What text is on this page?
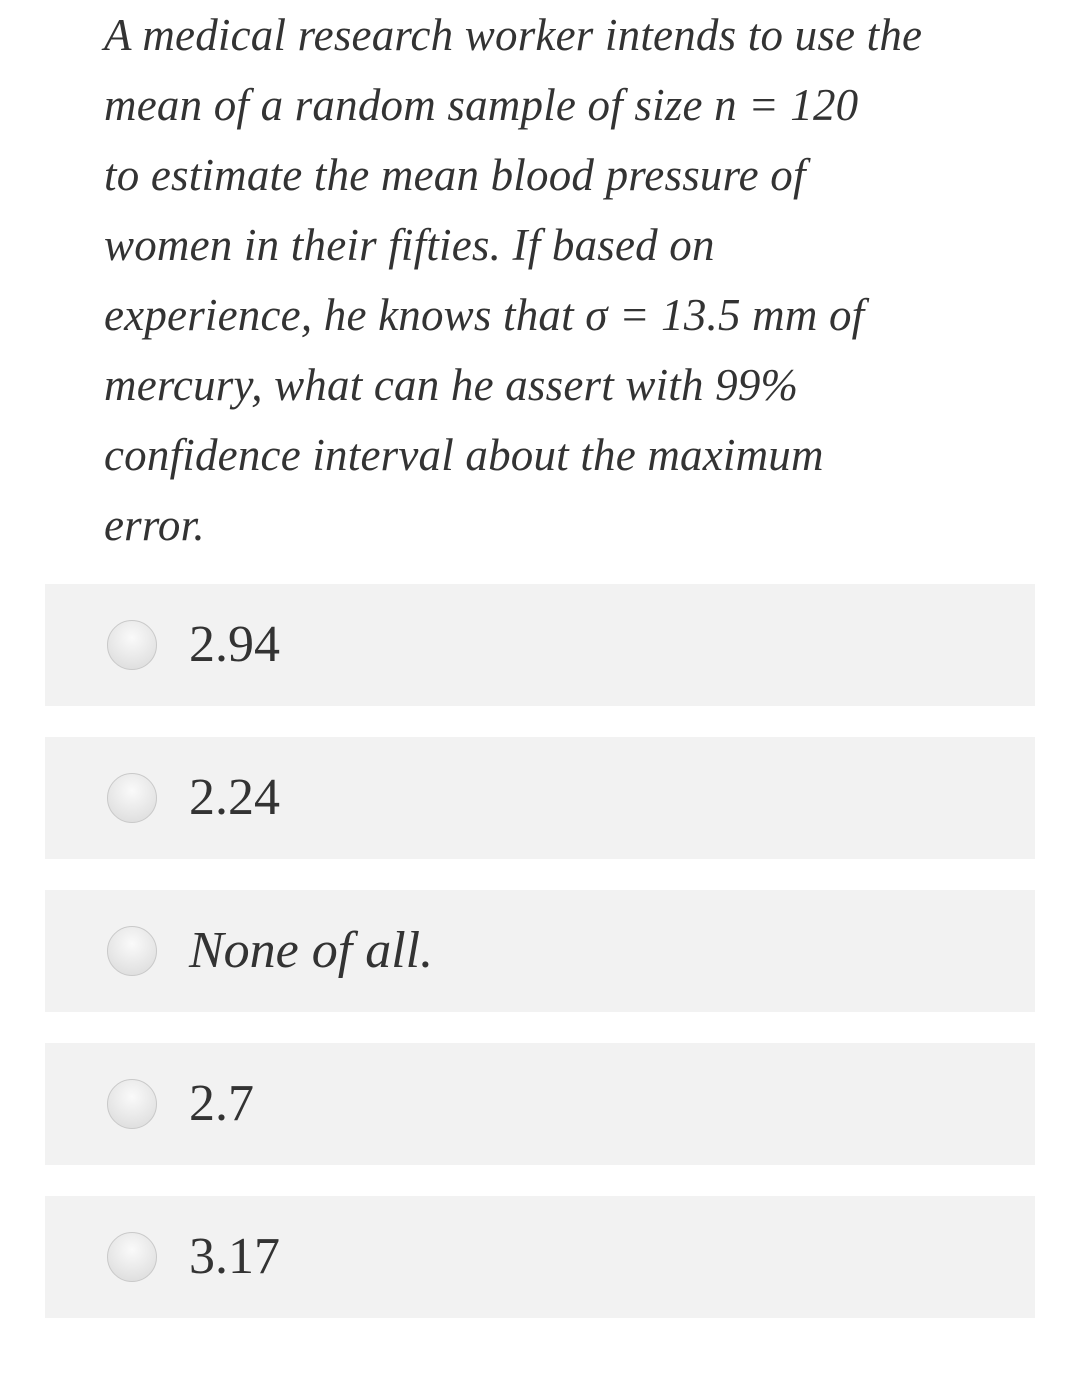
A medical research worker intends to use the
mean of a random sample of size n = 120
to estimate the mean blood pressure of
women in their fifties. If based on
experience, he knows that σ = 13.5 mm of
mercury, what can he assert with 99%
confidence interval about the maximum
error.
2.94
2.24
None of all.
2.7
3.17
